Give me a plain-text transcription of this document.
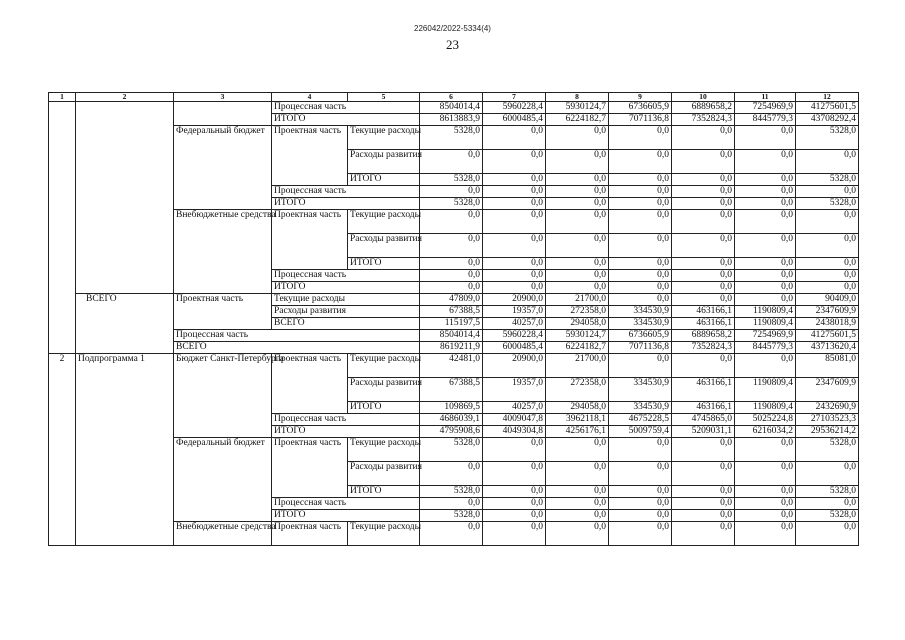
226042/2022-5334(4)
23
1	2	3	4	5	6	7	8	9	10	11	12
			Процессная часть		8504014,4	5960228,4	5930124,7	6736605,9	6889658,2	7254969,9	41275601,5
			ИТОГО		8613883,9	6000485,4	6224182,7	7071136,8	7352824,3	8445779,3	43708292,4
		Федеральный бюджет	Проектная часть	Текущие расходы	5328,0	0,0	0,0	0,0	0,0	0,0	5328,0
				Расходы развития	0,0	0,0	0,0	0,0	0,0	0,0	0,0
				ИТОГО	5328,0	0,0	0,0	0,0	0,0	0,0	5328,0
			Процессная часть		0,0	0,0	0,0	0,0	0,0	0,0	0,0
			ИТОГО		5328,0	0,0	0,0	0,0	0,0	0,0	5328,0
		Внебюджетные средства	Проектная часть	Текущие расходы	0,0	0,0	0,0	0,0	0,0	0,0	0,0
				Расходы развития	0,0	0,0	0,0	0,0	0,0	0,0	0,0
				ИТОГО	0,0	0,0	0,0	0,0	0,0	0,0	0,0
			Процессная часть		0,0	0,0	0,0	0,0	0,0	0,0	0,0
			ИТОГО		0,0	0,0	0,0	0,0	0,0	0,0	0,0
	ВСЕГО	Проектная часть	Текущие расходы		47809,0	20900,0	21700,0	0,0	0,0	0,0	90409,0
			Расходы развития		67388,5	19357,0	272358,0	334530,9	463166,1	1190809,4	2347609,9
			ВСЕГО		115197,5	40257,0	294058,0	334530,9	463166,1	1190809,4	2438018,9
		Процессная часть			8504014,4	5960228,4	5930124,7	6736605,9	6889658,2	7254969,9	41275601,5
		ВСЕГО			8619211,9	6000485,4	6224182,7	7071136,8	7352824,3	8445779,3	43713620,4
2	Подпрограмма 1	Бюджет Санкт-Петербурга	Проектная часть	Текущие расходы	42481,0	20900,0	21700,0	0,0	0,0	0,0	85081,0
				Расходы развития	67388,5	19357,0	272358,0	334530,9	463166,1	1190809,4	2347609,9
				ИТОГО	109869,5	40257,0	294058,0	334530,9	463166,1	1190809,4	2432690,9
			Процессная часть		4686039,1	4009047,8	3962118,1	4675228,5	4745865,0	5025224,8	27103523,3
			ИТОГО		4795908,6	4049304,8	4256176,1	5009759,4	5209031,1	6216034,2	29536214,2
		Федеральный бюджет	Проектная часть	Текущие расходы	5328,0	0,0	0,0	0,0	0,0	0,0	5328,0
				Расходы развития	0,0	0,0	0,0	0,0	0,0	0,0	0,0
				ИТОГО	5328,0	0,0	0,0	0,0	0,0	0,0	5328,0
			Процессная часть		0,0	0,0	0,0	0,0	0,0	0,0	0,0
			ИТОГО		5328,0	0,0	0,0	0,0	0,0	0,0	5328,0
		Внебюджетные средства	Проектная часть	Текущие расходы	0,0	0,0	0,0	0,0	0,0	0,0	0,0
